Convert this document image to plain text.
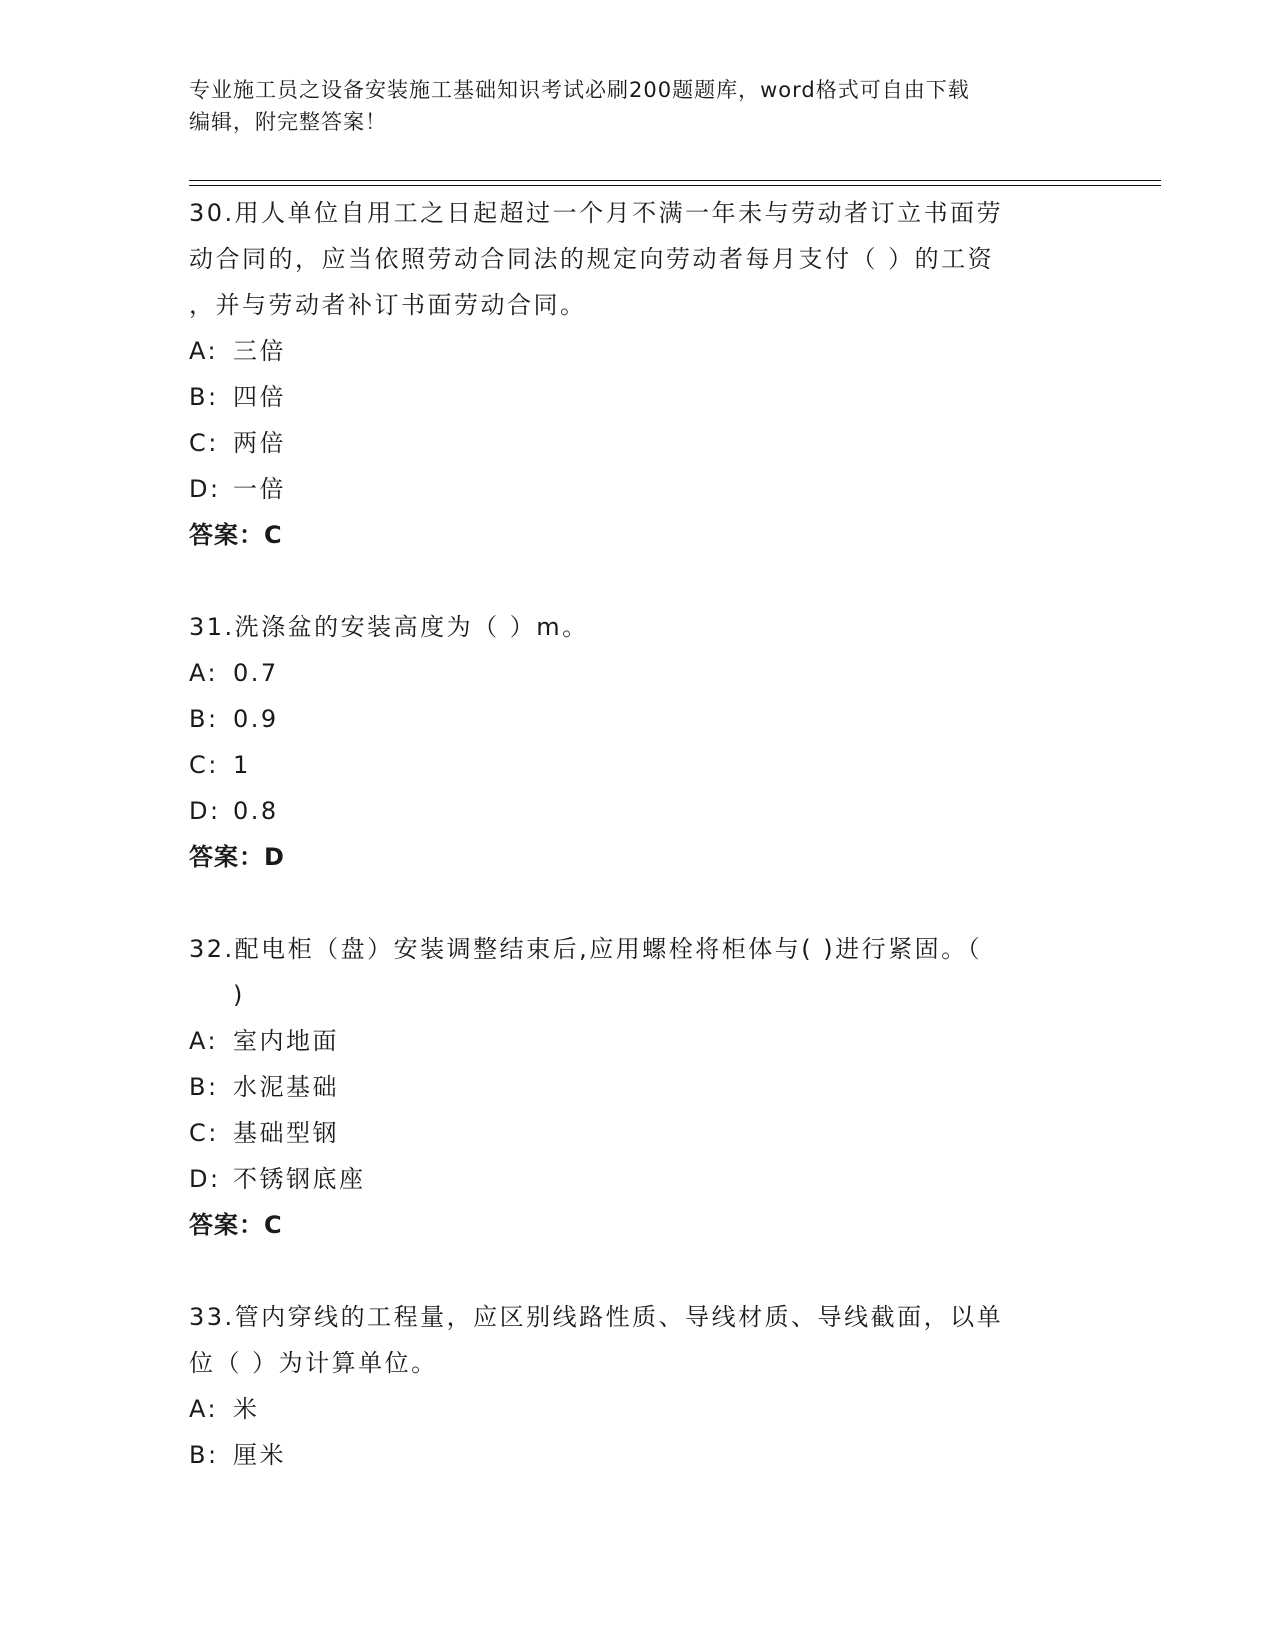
专业施工员之设备安装施工基础知识考试必刷200题题库，word格式可自由下载
编辑，附完整答案！
30.用人单位自用工之日起超过一个月不满一年未与劳动者订立书面劳
动合同的，应当依照劳动合同法的规定向劳动者每月支付（ ）的工资
，并与劳动者补订书面劳动合同。
A: 三倍
B: 四倍
C: 两倍
D: 一倍
答案：C
31.洗涤盆的安装高度为（ ）m。
A: 0.7
B: 0.9
C: 1
D: 0.8
答案：D
32.配电柜（盘）安装调整结束后,应用螺栓将柜体与( )进行紧固。（
)
A: 室内地面
B: 水泥基础
C: 基础型钢
D: 不锈钢底座
答案：C
33.管内穿线的工程量，应区别线路性质、导线材质、导线截面，以单
位（ ）为计算单位。
A: 米
B: 厘米
